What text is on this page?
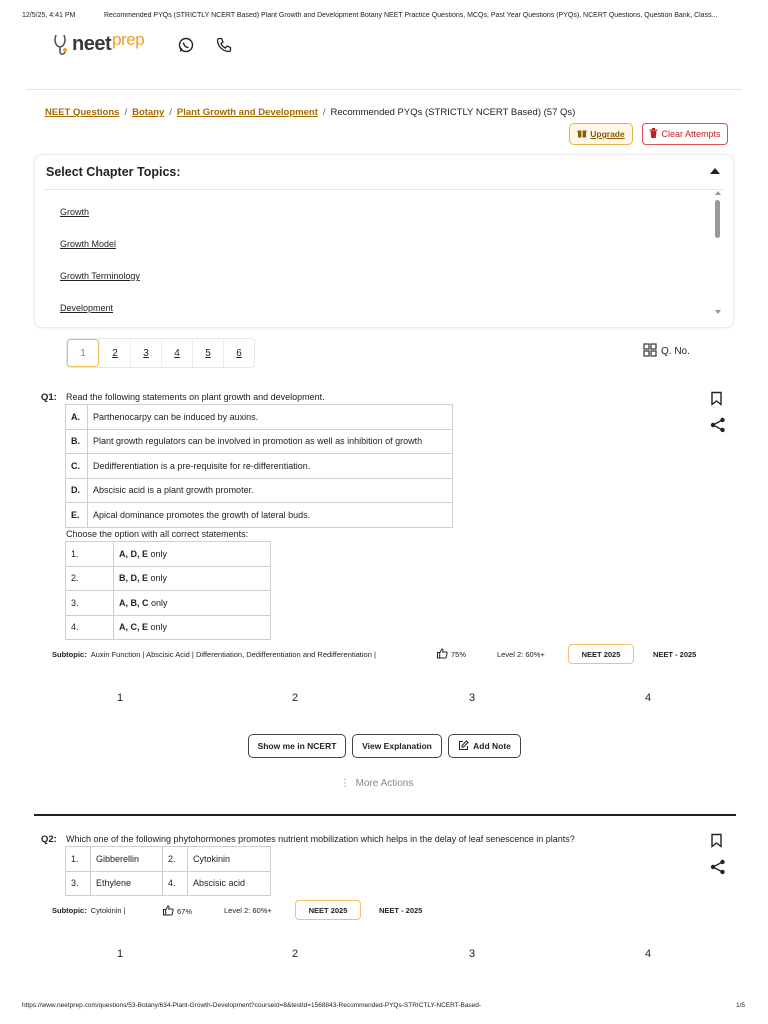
12/5/25, 4:41 PM	Recommended PYQs (STRICTLY NCERT Based) Plant Growth and Development Botany NEET Practice Questions, MCQs, Past Year Questions (PYQs), NCERT Questions, Question Bank, Class...
neet prep
NEET Questions / Botany / Plant Growth and Development / Recommended PYQs (STRICTLY NCERT Based) (57 Qs)
Upgrade	Clear Attempts
Select Chapter Topics:
Growth
Growth Model
Growth Terminology
Development
1	2	3	4	5	6	Q. No.
Q1: Read the following statements on plant growth and development.
A.	Parthenocarpy can be induced by auxins.
B.	Plant growth regulators can be involved in promotion as well as inhibition of growth
C.	Dedifferentiation is a pre-requisite for re-differentiation.
D.	Abscisic acid is a plant growth promoter.
E.	Apical dominance promotes the growth of lateral buds.
Choose the option with all correct statements:
1.	A, D, E only
2.	B, D, E only
3.	A, B, C only
4.	A, C, E only
Subtopic: Auxin Function | Abscisic Acid | Differentiation, Dedifferentiation and Redifferentiation |	75%	Level 2: 60%+	NEET 2025	NEET - 2025
1	2	3	4
Show me in NCERT	View Explanation	Add Note
⋮ More Actions
Q2: Which one of the following phytohormones promotes nutrient mobilization which helps in the delay of leaf senescence in plants?
1.	Gibberellin	2.	Cytokinin
3.	Ethylene	4.	Abscisic acid
Subtopic: Cytokinin |	67%	Level 2: 60%+	NEET 2025	NEET - 2025
1	2	3	4
https://www.neetprep.com/questions/53-Botany/634-Plant-Growth-Development?courseId=8&testId=1568843-Recommended-PYQs-STRICTLY-NCERT-Based-	1/5
